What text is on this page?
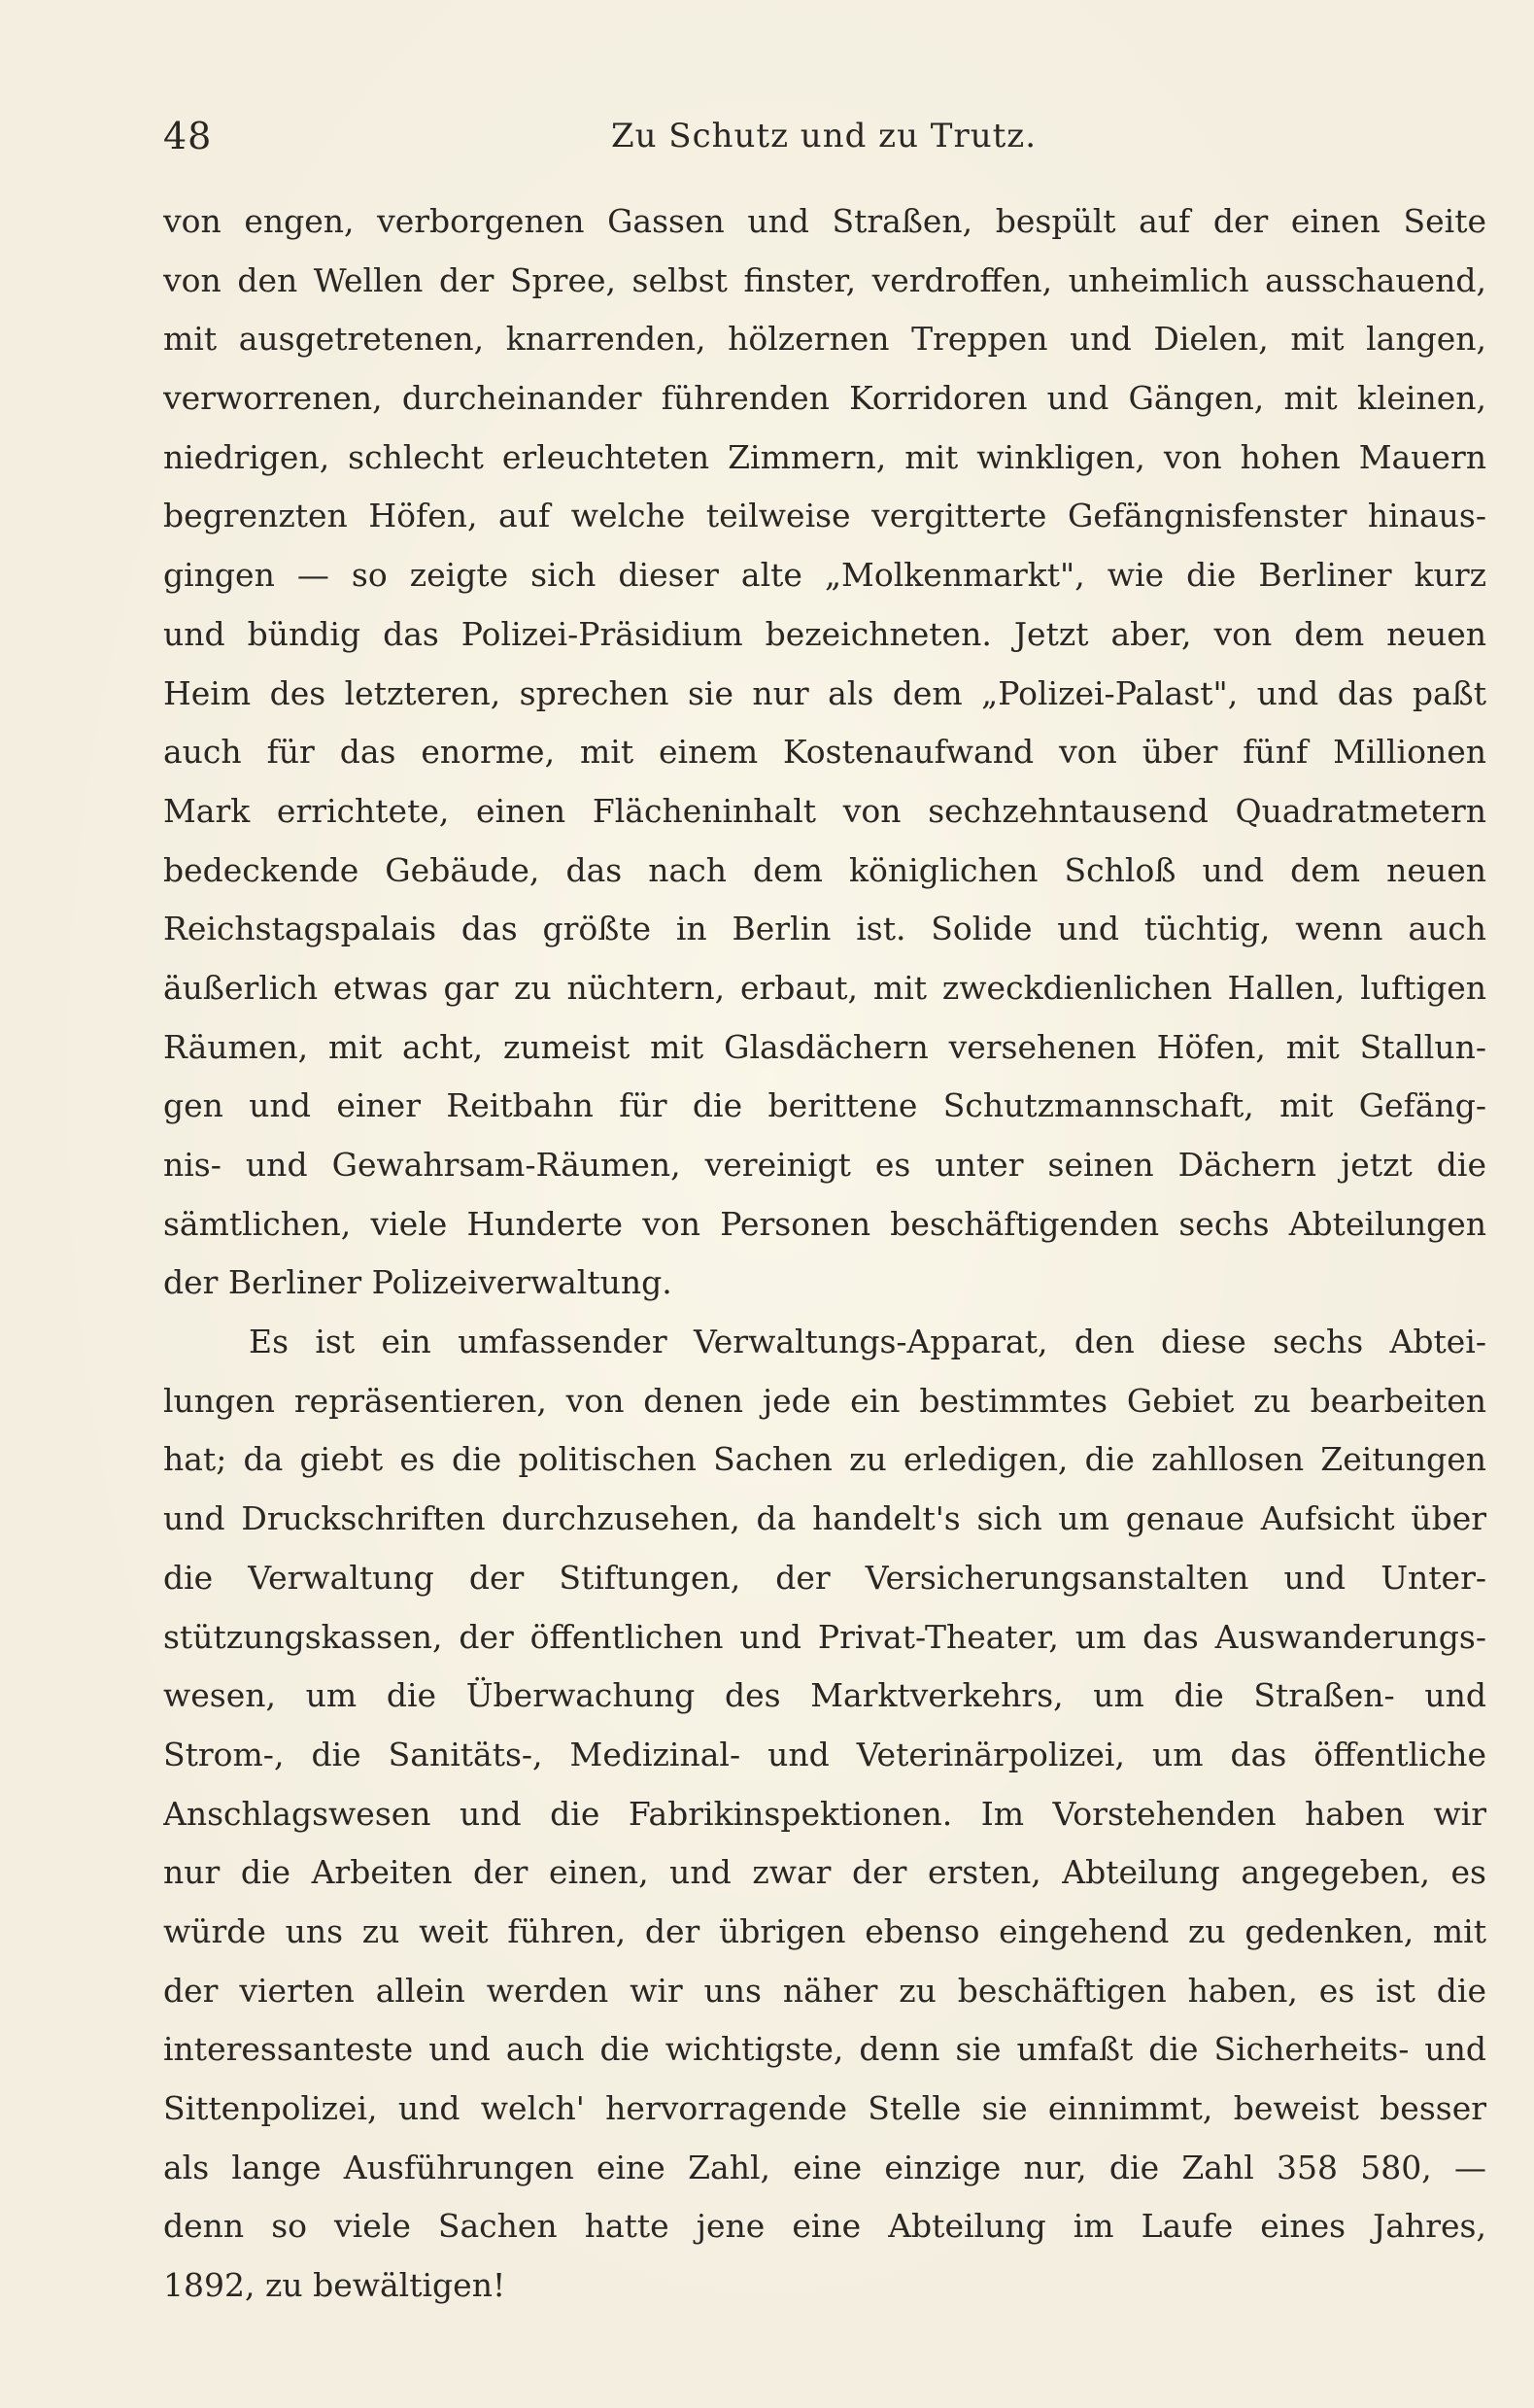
48	Zu Schutz und zu Trutz.
von engen, verborgenen Gassen und Straßen, bespült auf der einen Seite
von den Wellen der Spree, selbst finster, verdroffen, unheimlich ausschauend,
mit ausgetretenen, knarrenden, hölzernen Treppen und Dielen, mit langen,
verworrenen, durcheinander führenden Korridoren und Gängen, mit kleinen,
niedrigen, schlecht erleuchteten Zimmern, mit winkligen, von hohen Mauern
begrenzten Höfen, auf welche teilweise vergitterte Gefängnisfenster hinaus-
gingen — so zeigte sich dieser alte „Molkenmarkt", wie die Berliner kurz
und bündig das Polizei-Präsidium bezeichneten. Jetzt aber, von dem neuen
Heim des letzteren, sprechen sie nur als dem „Polizei-Palast", und das paßt
auch für das enorme, mit einem Kostenaufwand von über fünf Millionen
Mark errichtete, einen Flächeninhalt von sechzehntausend Quadratmetern
bedeckende Gebäude, das nach dem königlichen Schloß und dem neuen
Reichstagspalais das größte in Berlin ist. Solide und tüchtig, wenn auch
äußerlich etwas gar zu nüchtern, erbaut, mit zweckdienlichen Hallen, luftigen
Räumen, mit acht, zumeist mit Glasdächern versehenen Höfen, mit Stallun-
gen und einer Reitbahn für die berittene Schutzmannschaft, mit Gefäng-
nis- und Gewahrsam-Räumen, vereinigt es unter seinen Dächern jetzt die
sämtlichen, viele Hunderte von Personen beschäftigenden sechs Abteilungen
der Berliner Polizeiverwaltung.
Es ist ein umfassender Verwaltungs-Apparat, den diese sechs Abtei-
lungen repräsentieren, von denen jede ein bestimmtes Gebiet zu bearbeiten
hat; da giebt es die politischen Sachen zu erledigen, die zahllosen Zeitungen
und Druckschriften durchzusehen, da handelt's sich um genaue Aufsicht über
die Verwaltung der Stiftungen, der Versicherungsanstalten und Unter-
stützungskassen, der öffentlichen und Privat-Theater, um das Auswanderungs-
wesen, um die Überwachung des Marktverkehrs, um die Straßen- und
Strom-, die Sanitäts-, Medizinal- und Veterinärpolizei, um das öffentliche
Anschlagswesen und die Fabrikinspektionen. Im Vorstehenden haben wir
nur die Arbeiten der einen, und zwar der ersten, Abteilung angegeben, es
würde uns zu weit führen, der übrigen ebenso eingehend zu gedenken, mit
der vierten allein werden wir uns näher zu beschäftigen haben, es ist die
interessanteste und auch die wichtigste, denn sie umfaßt die Sicherheits- und
Sittenpolizei, und welch' hervorragende Stelle sie einnimmt, beweist besser
als lange Ausführungen eine Zahl, eine einzige nur, die Zahl 358 580, —
denn so viele Sachen hatte jene eine Abteilung im Laufe eines Jahres,
1892, zu bewältigen!
